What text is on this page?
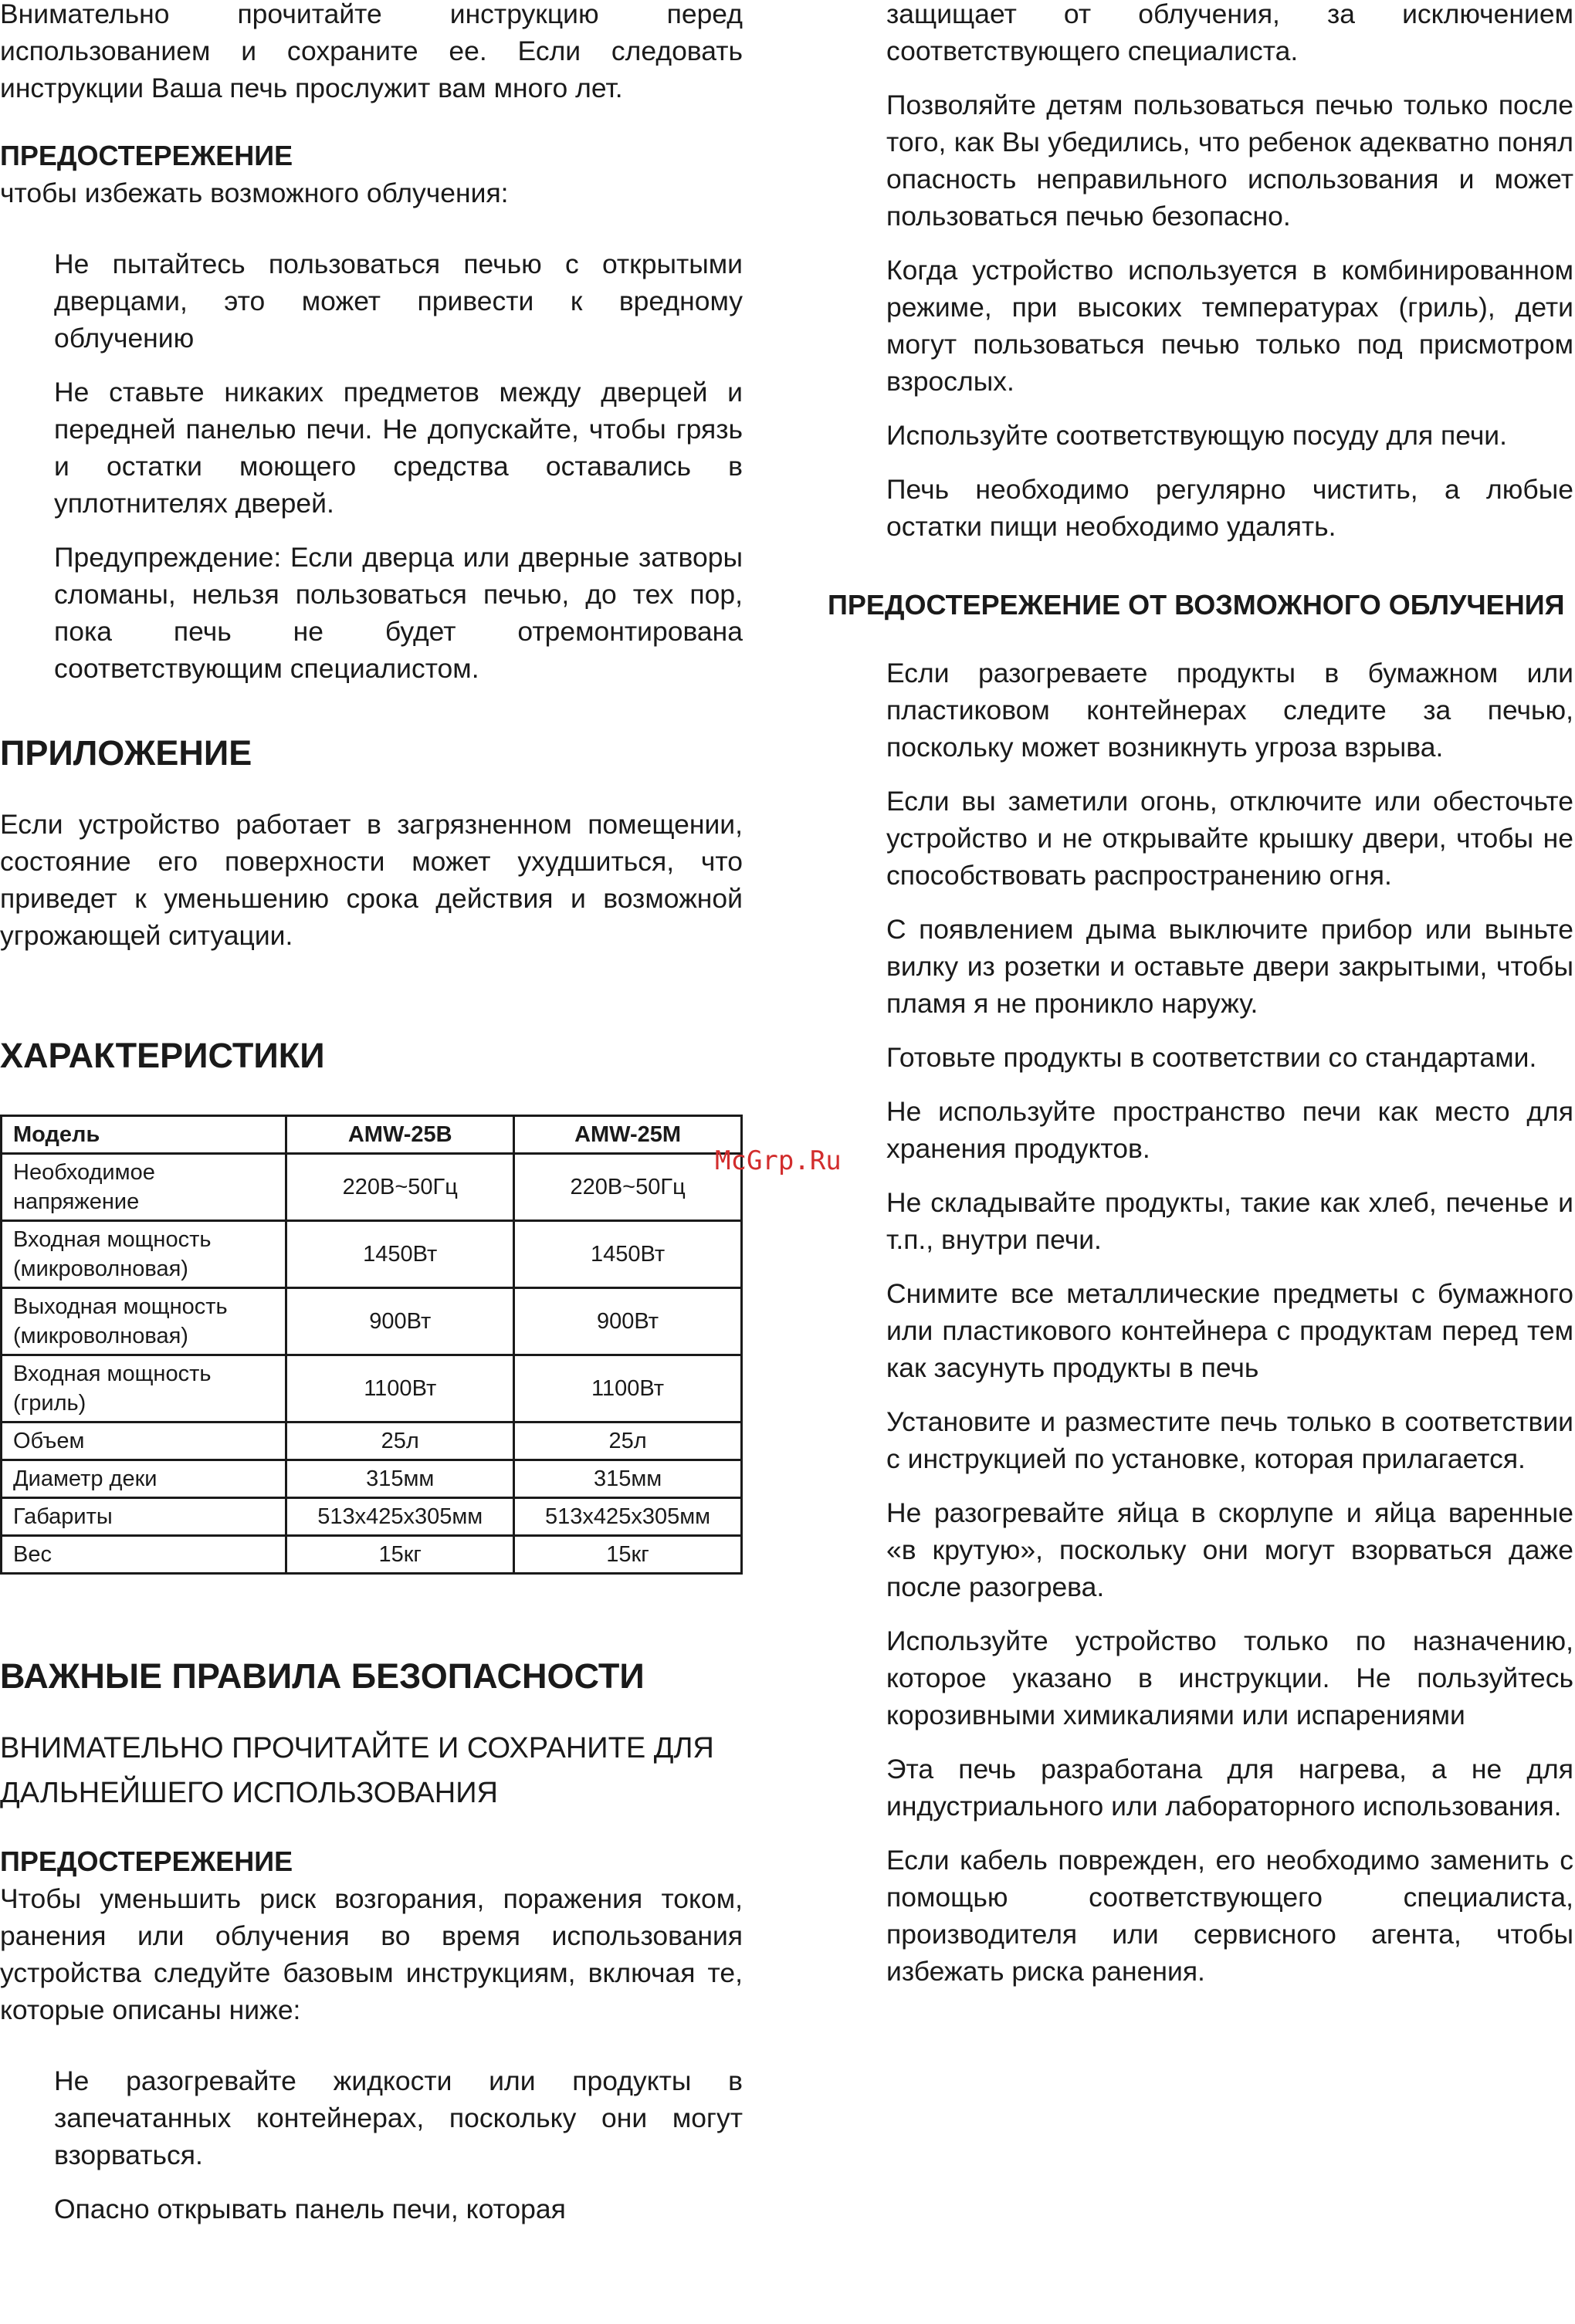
Внимательно прочитайте инструкцию перед использованием и сохраните ее. Если следовать инструкции Ваша печь прослужит вам много лет.

ПРЕДОСТЕРЕЖЕНИЕ

чтобы избежать возможного облучения:

Не пытайтесь пользоваться печью с открытыми дверцами, это может привести к вредному облучению

Не ставьте никаких предметов между дверцей и передней панелью печи. Не допускайте, чтобы грязь и остатки моющего средства оставались в уплотнителях дверей.

Предупреждение: Если дверца или дверные затворы сломаны, нельзя пользоваться печью, до тех пор, пока печь не будет отремонтирована соответствующим специалистом.

ПРИЛОЖЕНИЕ

Если устройство работает в загрязненном помещении, состояние его поверхности может ухудшиться, что приведет к уменьшению срока действия и возможной угрожающей ситуации.

ХАРАКТЕРИСТИКИ
Модель	AMW-25B	AMW-25M
Необходимое напряжение	220В~50Гц	220В~50Гц
Входная мощность (микроволновая)	1450Вт	1450Вт
Выходная мощность (микроволновая)	900Вт	900Вт
Входная мощность (гриль)	1100Вт	1100Вт
Объем	25л	25л
Диаметр деки	315мм	315мм
Габариты	513x425x305мм	513x425x305мм
Вес	15кг	15кг
ВАЖНЫЕ ПРАВИЛА БЕЗОПАСНОСТИ
ВНИМАТЕЛЬНО ПРОЧИТАЙТЕ И СОХРАНИТЕ ДЛЯ ДАЛЬНЕЙШЕГО ИСПОЛЬЗОВАНИЯ
ПРЕДОСТЕРЕЖЕНИЕ

Чтобы уменьшить риск возгорания, поражения током, ранения или облучения во время использования устройства следуйте базовым инструкциям, включая те, которые описаны ниже:

Не разогревайте жидкости или продукты в запечатанных контейнерах, поскольку они могут взорваться.

Опасно открывать панель печи, которая

защищает от облучения, за исключением соответствующего специалиста.

Позволяйте детям пользоваться печью только после того, как Вы убедились, что ребенок адекватно понял опасность неправильного использования и может пользоваться печью безопасно.

Когда устройство используется в комбинированном режиме, при высоких температурах (гриль), дети могут пользоваться печью только под присмотром взрослых.

Используйте соответствующую посуду для печи.

Печь необходимо регулярно чистить, а любые остатки пищи необходимо удалять.

ПРЕДОСТЕРЕЖЕНИЕ ОТ ВОЗМОЖНОГО ОБЛУЧЕНИЯ

Если разогреваете продукты в бумажном или пластиковом контейнерах следите за печью, поскольку может возникнуть угроза взрыва.

Если вы заметили огонь, отключите или обесточьте устройство и не открывайте крышку двери, чтобы не способствовать распространению огня.

С появлением дыма выключите прибор или выньте вилку из розетки и оставьте двери закрытыми, чтобы пламя я не проникло наружу.

Готовьте продукты в соответствии со стандартами.

Не используйте пространство печи как место для хранения продуктов.

Не складывайте продукты, такие как хлеб, печенье и т.п., внутри печи.

Снимите все металлические предметы с бумажного или пластикового контейнера с продуктам перед тем как засунуть продукты в печь

Установите и разместите печь только в соответствии с инструкцией по установке, которая прилагается.

Не разогревайте яйца в скорлупе и яйца варенные «в крутую», поскольку они могут взорваться даже после разогрева.

Используйте устройство только по назначению, которое указано в инструкции. Не пользуйтесь корозивными химикалиями или испарениями

Эта печь разработана для нагрева, а не для индустриального или лабораторного использования.

Если кабель поврежден, его необходимо заменить с помощью соответствующего специалиста, производителя или сервисного агента, чтобы избежать риска ранения.

McGrp.Ru
